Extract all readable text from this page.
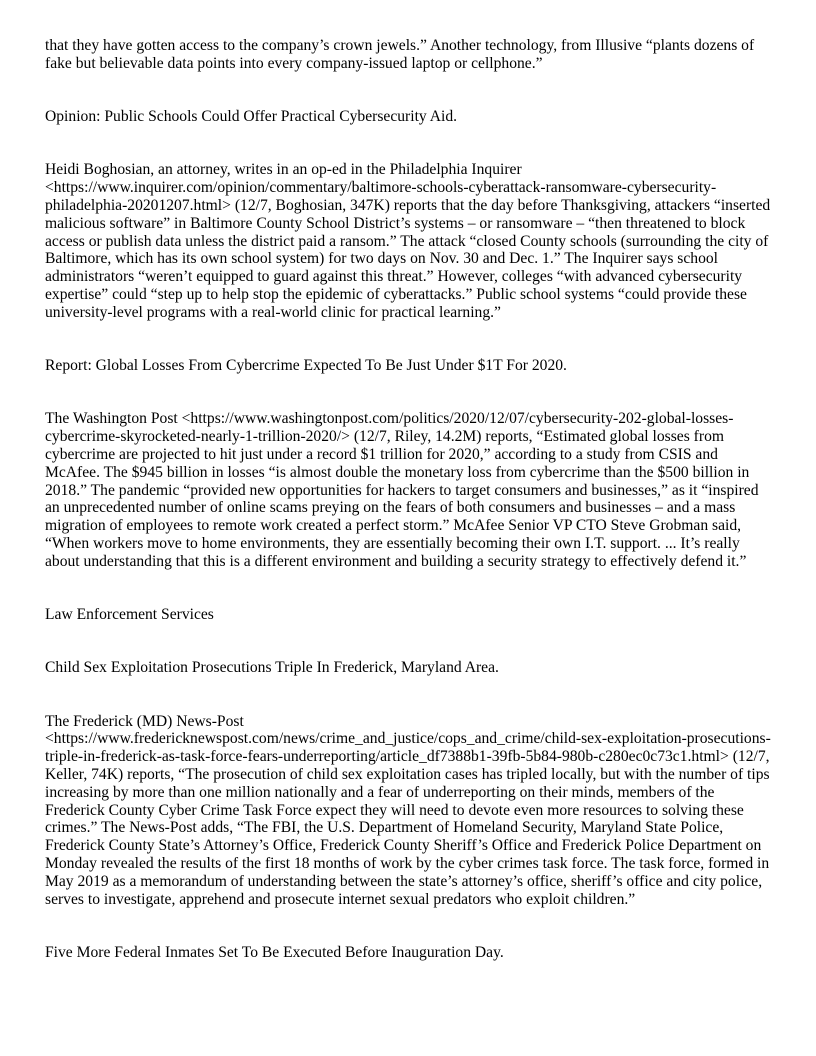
that they have gotten access to the company’s crown jewels.” Another technology, from Illusive “plants dozens of fake but believable data points into every company-issued laptop or cellphone.”

Opinion: Public Schools Could Offer Practical Cybersecurity Aid.

Heidi Boghosian, an attorney, writes in an op-ed in the Philadelphia Inquirer <https://www.inquirer.com/opinion/commentary/baltimore-schools-cyberattack-ransomware-cybersecurity-philadelphia-20201207.html> (12/7, Boghosian, 347K) reports that the day before Thanksgiving, attackers “inserted malicious software” in Baltimore County School District’s systems – or ransomware – “then threatened to block access or publish data unless the district paid a ransom.” The attack “closed County schools (surrounding the city of Baltimore, which has its own school system) for two days on Nov. 30 and Dec. 1.” The Inquirer says school administrators “weren’t equipped to guard against this threat.” However, colleges “with advanced cybersecurity expertise” could “step up to help stop the epidemic of cyberattacks.” Public school systems “could provide these university-level programs with a real-world clinic for practical learning.”

Report: Global Losses From Cybercrime Expected To Be Just Under $1T For 2020.

The Washington Post <https://www.washingtonpost.com/politics/2020/12/07/cybersecurity-202-global-losses-cybercrime-skyrocketed-nearly-1-trillion-2020/> (12/7, Riley, 14.2M) reports, “Estimated global losses from cybercrime are projected to hit just under a record $1 trillion for 2020,” according to a study from CSIS and McAfee. The $945 billion in losses “is almost double the monetary loss from cybercrime than the $500 billion in 2018.” The pandemic “provided new opportunities for hackers to target consumers and businesses,” as it “inspired an unprecedented number of online scams preying on the fears of both consumers and businesses – and a mass migration of employees to remote work created a perfect storm.” McAfee Senior VP CTO Steve Grobman said, “When workers move to home environments, they are essentially becoming their own I.T. support. ... It’s really about understanding that this is a different environment and building a security strategy to effectively defend it.”

Law Enforcement Services

Child Sex Exploitation Prosecutions Triple In Frederick, Maryland Area.

The Frederick (MD) News-Post <https://www.fredericknewspost.com/news/crime_and_justice/cops_and_crime/child-sex-exploitation-prosecutions-triple-in-frederick-as-task-force-fears-underreporting/article_df7388b1-39fb-5b84-980b-c280ec0c73c1.html> (12/7, Keller, 74K) reports, “The prosecution of child sex exploitation cases has tripled locally, but with the number of tips increasing by more than one million nationally and a fear of underreporting on their minds, members of the Frederick County Cyber Crime Task Force expect they will need to devote even more resources to solving these crimes.” The News-Post adds, “The FBI, the U.S. Department of Homeland Security, Maryland State Police, Frederick County State’s Attorney’s Office, Frederick County Sheriff’s Office and Frederick Police Department on Monday revealed the results of the first 18 months of work by the cyber crimes task force. The task force, formed in May 2019 as a memorandum of understanding between the state’s attorney’s office, sheriff’s office and city police, serves to investigate, apprehend and prosecute internet sexual predators who exploit children.”

Five More Federal Inmates Set To Be Executed Before Inauguration Day.
